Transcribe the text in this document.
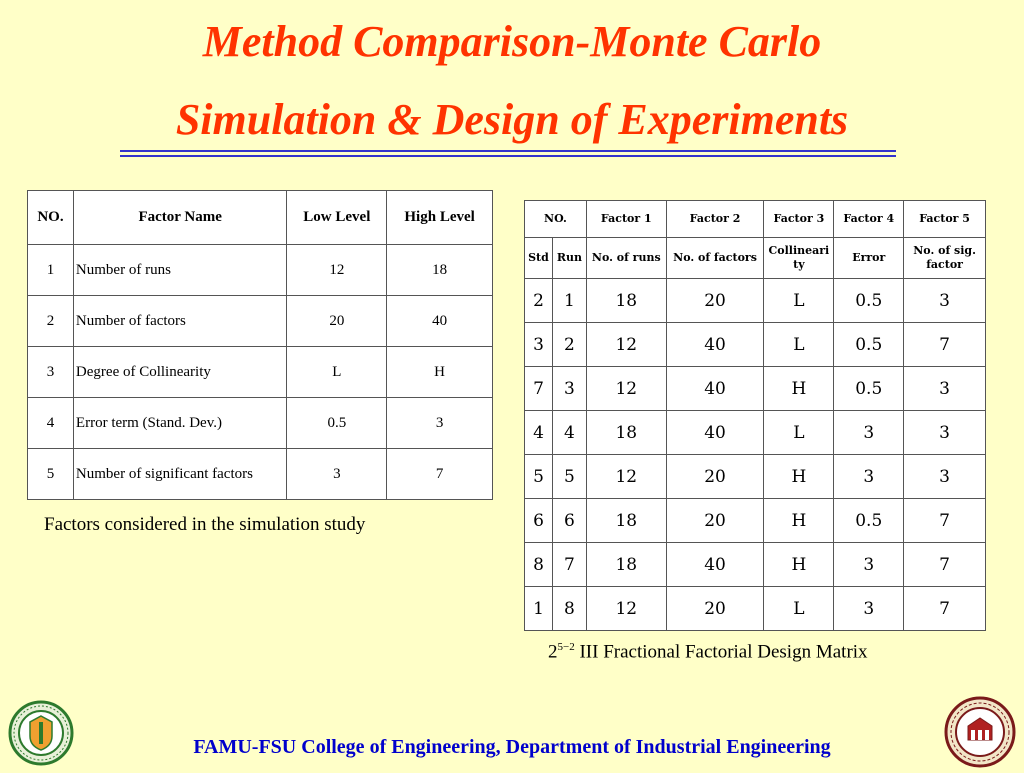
Method Comparison-Monte Carlo
Simulation & Design of Experiments
NO.	Factor Name	Low Level	High Level
1	Number of runs	12	18
2	Number of factors	20	40
3	Degree of Collinearity	L	H
4	Error term (Stand. Dev.)	0.5	3
5	Number of significant factors	3	7
Factors considered in the simulation study
NO.		Factor 1	Factor 2	Factor 3	Factor 4	Factor 5
Std	Run	No. of runs	No. of factors	Collineari ty	Error	No. of sig. factor
2	1	18	20	L	0.5	3
3	2	12	40	L	0.5	7
7	3	12	40	H	0.5	3
4	4	18	40	L	3	3
5	5	12	20	H	3	3
6	6	18	20	H	0.5	7
8	7	18	40	H	3	7
1	8	12	20	L	3	7
$2^{5-2}$ III Fractional Factorial Design Matrix
FAMU-FSU College of Engineering, Department of Industrial Engineering
